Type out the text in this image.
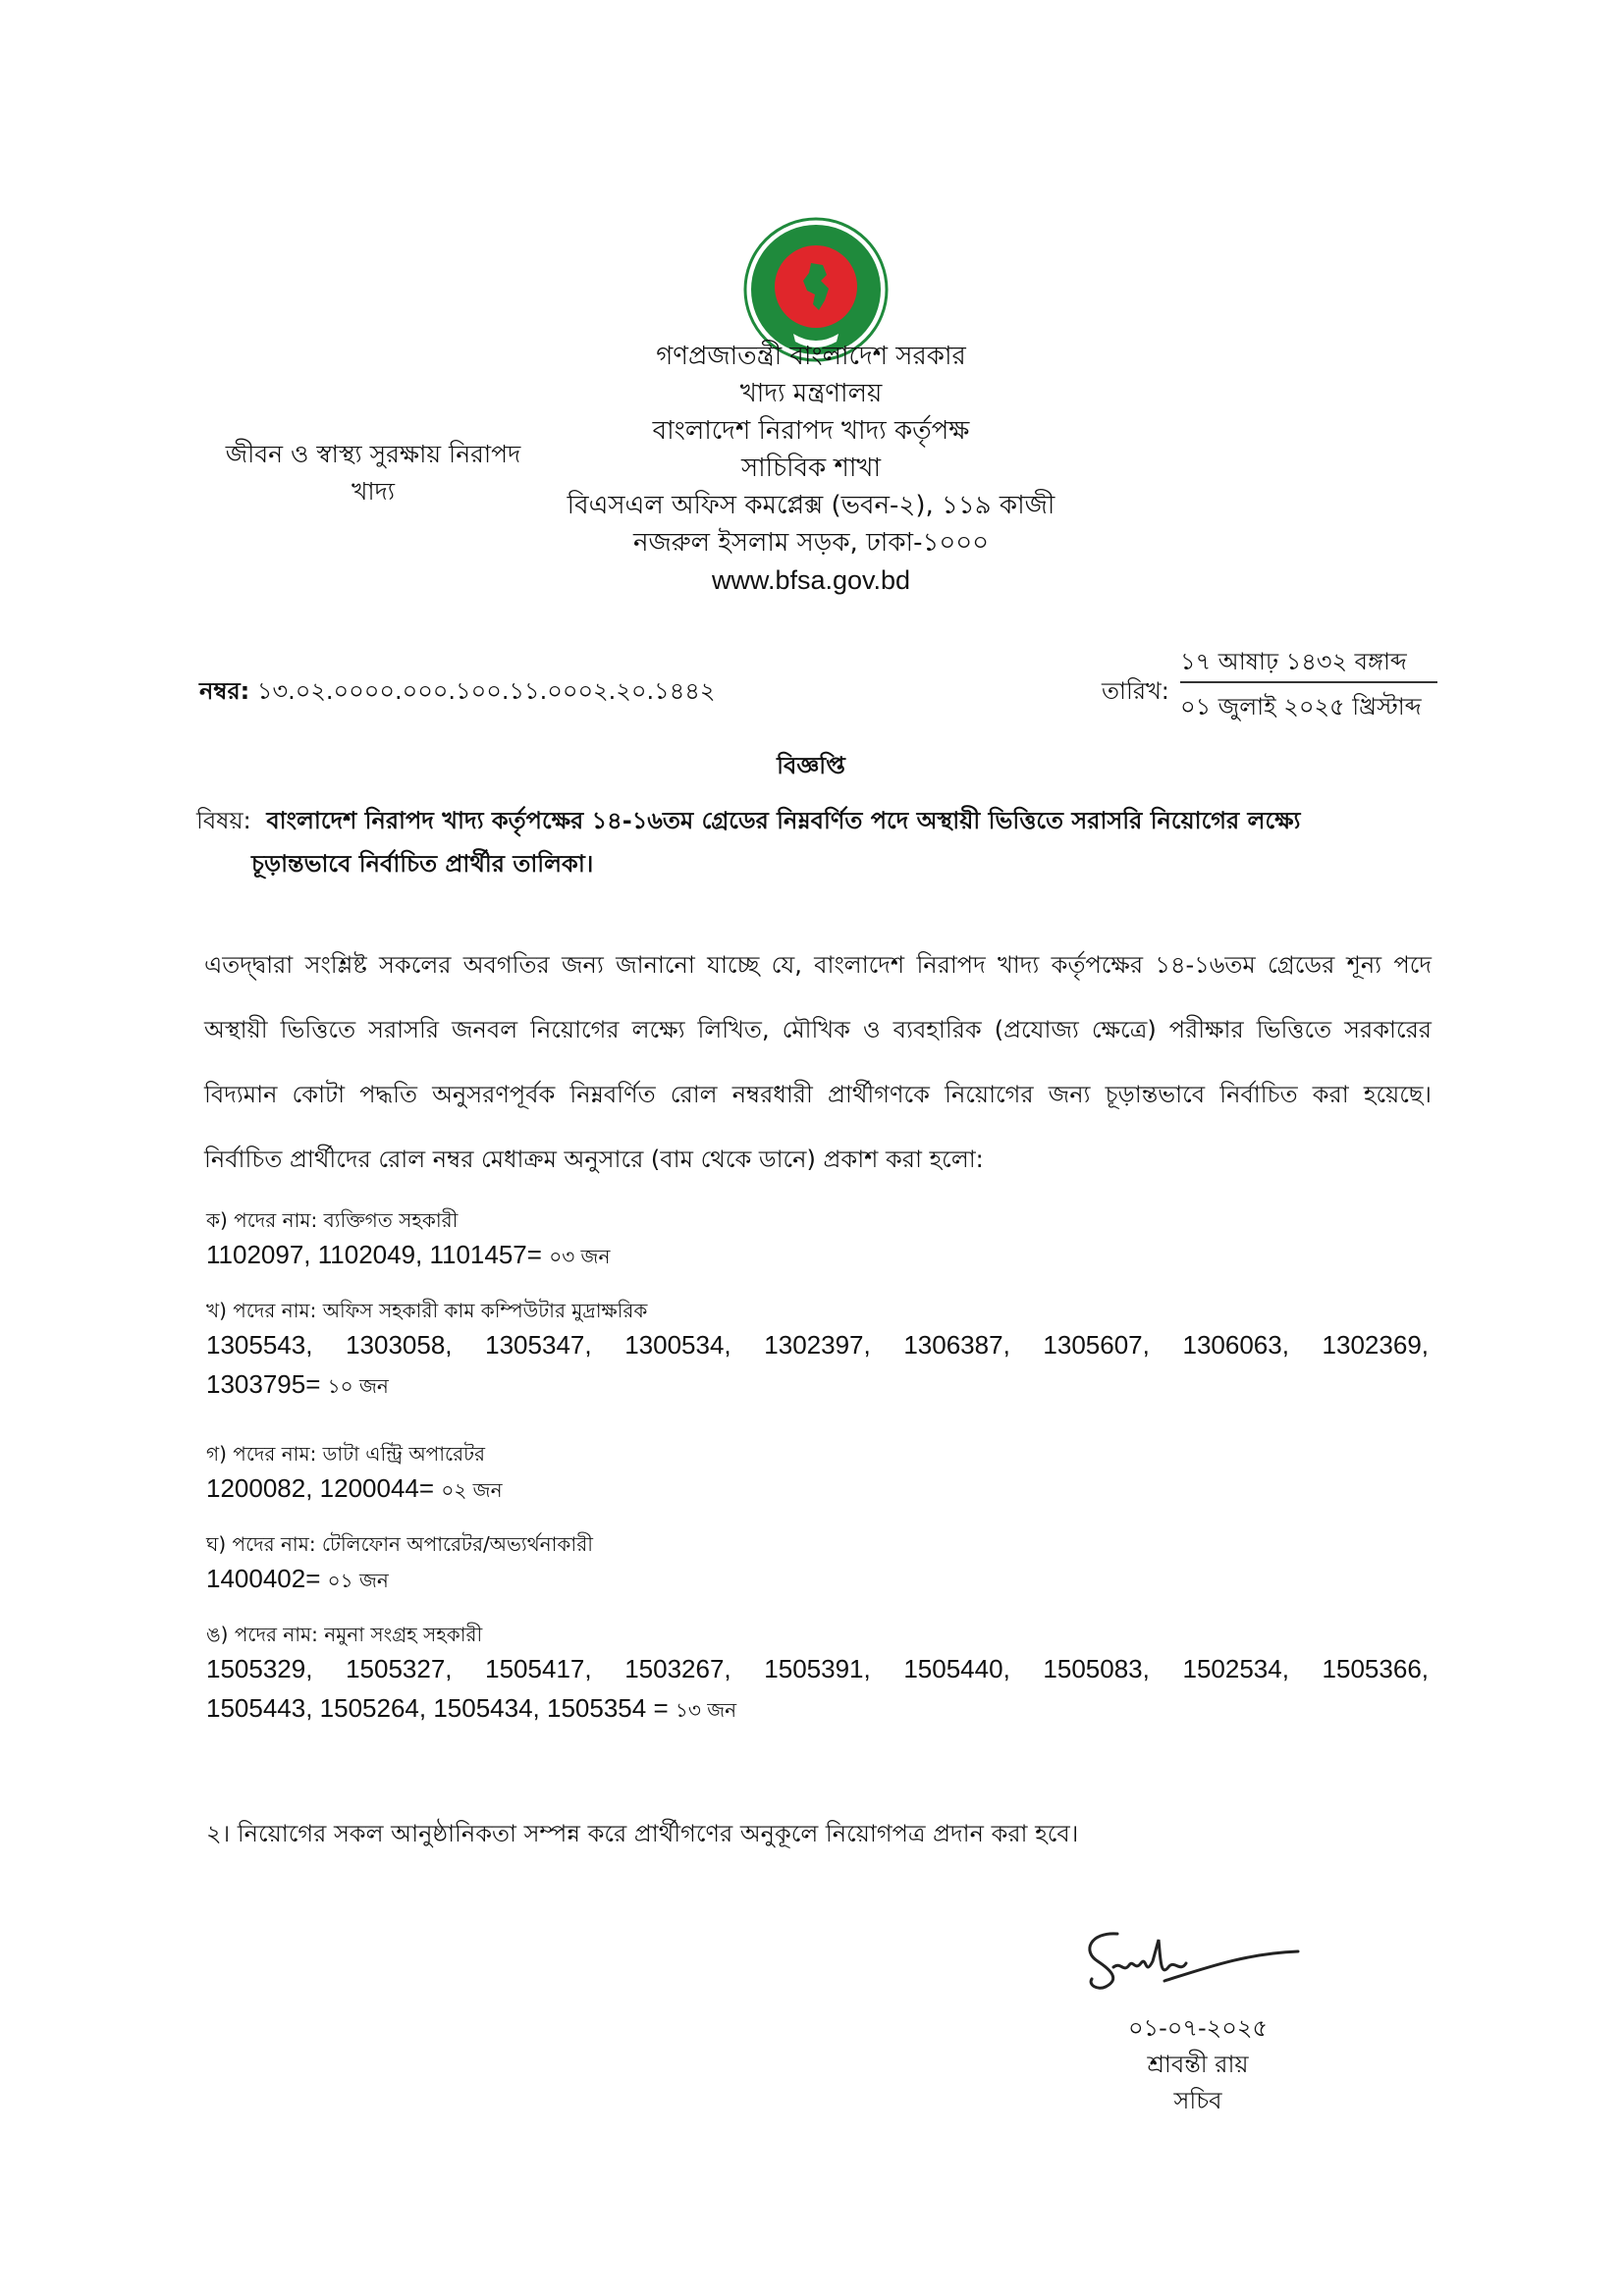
গণপ্রজাতন্ত্রী বাংলাদেশ সরকার
খাদ্য মন্ত্রণালয়
বাংলাদেশ নিরাপদ খাদ্য কর্তৃপক্ষ
সাচিবিক শাখা
বিএসএল অফিস কমপ্লেক্স (ভবন-২), ১১৯ কাজী
নজরুল ইসলাম সড়ক, ঢাকা-১০০০
www.bfsa.gov.bd
জীবন ও স্বাস্থ্য সুরক্ষায় নিরাপদ
খাদ্য
নম্বর: ১৩.০২.০০০০.০০০.১০০.১১.০০০২.২০.১৪৪২	তারিখ:
১৭ আষাঢ় ১৪৩২ বঙ্গাব্দ
০১ জুলাই ২০২৫ খ্রিস্টাব্দ
বিজ্ঞপ্তি
বিষয়: বাংলাদেশ নিরাপদ খাদ্য কর্তৃপক্ষের ১৪-১৬তম গ্রেডের নিম্নবর্ণিত পদে অস্থায়ী ভিত্তিতে সরাসরি নিয়োগের লক্ষ্যে
চূড়ান্তভাবে নির্বাচিত প্রার্থীর তালিকা।
এতদ্দ্বারা সংশ্লিষ্ট সকলের অবগতির জন্য জানানো যাচ্ছে যে, বাংলাদেশ নিরাপদ খাদ্য কর্তৃপক্ষের ১৪-১৬তম গ্রেডের শূন্য পদে
অস্থায়ী ভিত্তিতে সরাসরি জনবল নিয়োগের লক্ষ্যে লিখিত, মৌখিক ও ব্যবহারিক (প্রযোজ্য ক্ষেত্রে) পরীক্ষার ভিত্তিতে সরকারের
বিদ্যমান কোটা পদ্ধতি অনুসরণপূর্বক নিম্নবর্ণিত রোল নম্বরধারী প্রার্থীগণকে নিয়োগের জন্য চূড়ান্তভাবে নির্বাচিত করা হয়েছে।
নির্বাচিত প্রার্থীদের রোল নম্বর মেধাক্রম অনুসারে (বাম থেকে ডানে) প্রকাশ করা হলো:
ক) পদের নাম: ব্যক্তিগত সহকারী
1102097, 1102049, 1101457= ০৩ জন
খ) পদের নাম: অফিস সহকারী কাম কম্পিউটার মুদ্রাক্ষরিক
1305543, 1303058, 1305347, 1300534, 1302397, 1306387, 1305607, 1306063, 1302369,
1303795= ১০ জন
গ) পদের নাম: ডাটা এন্ট্রি অপারেটর
1200082, 1200044= ০২ জন
ঘ) পদের নাম: টেলিফোন অপারেটর/অভ্যর্থনাকারী
1400402= ০১ জন
ঙ) পদের নাম: নমুনা সংগ্রহ সহকারী
1505329, 1505327, 1505417, 1503267, 1505391, 1505440, 1505083, 1502534, 1505366,
1505443, 1505264, 1505434, 1505354 = ১৩ জন
২। নিয়োগের সকল আনুষ্ঠানিকতা সম্পন্ন করে প্রার্থীগণের অনুকূলে নিয়োগপত্র প্রদান করা হবে।
০১-০৭-২০২৫
শ্রাবন্তী রায়
সচিব
